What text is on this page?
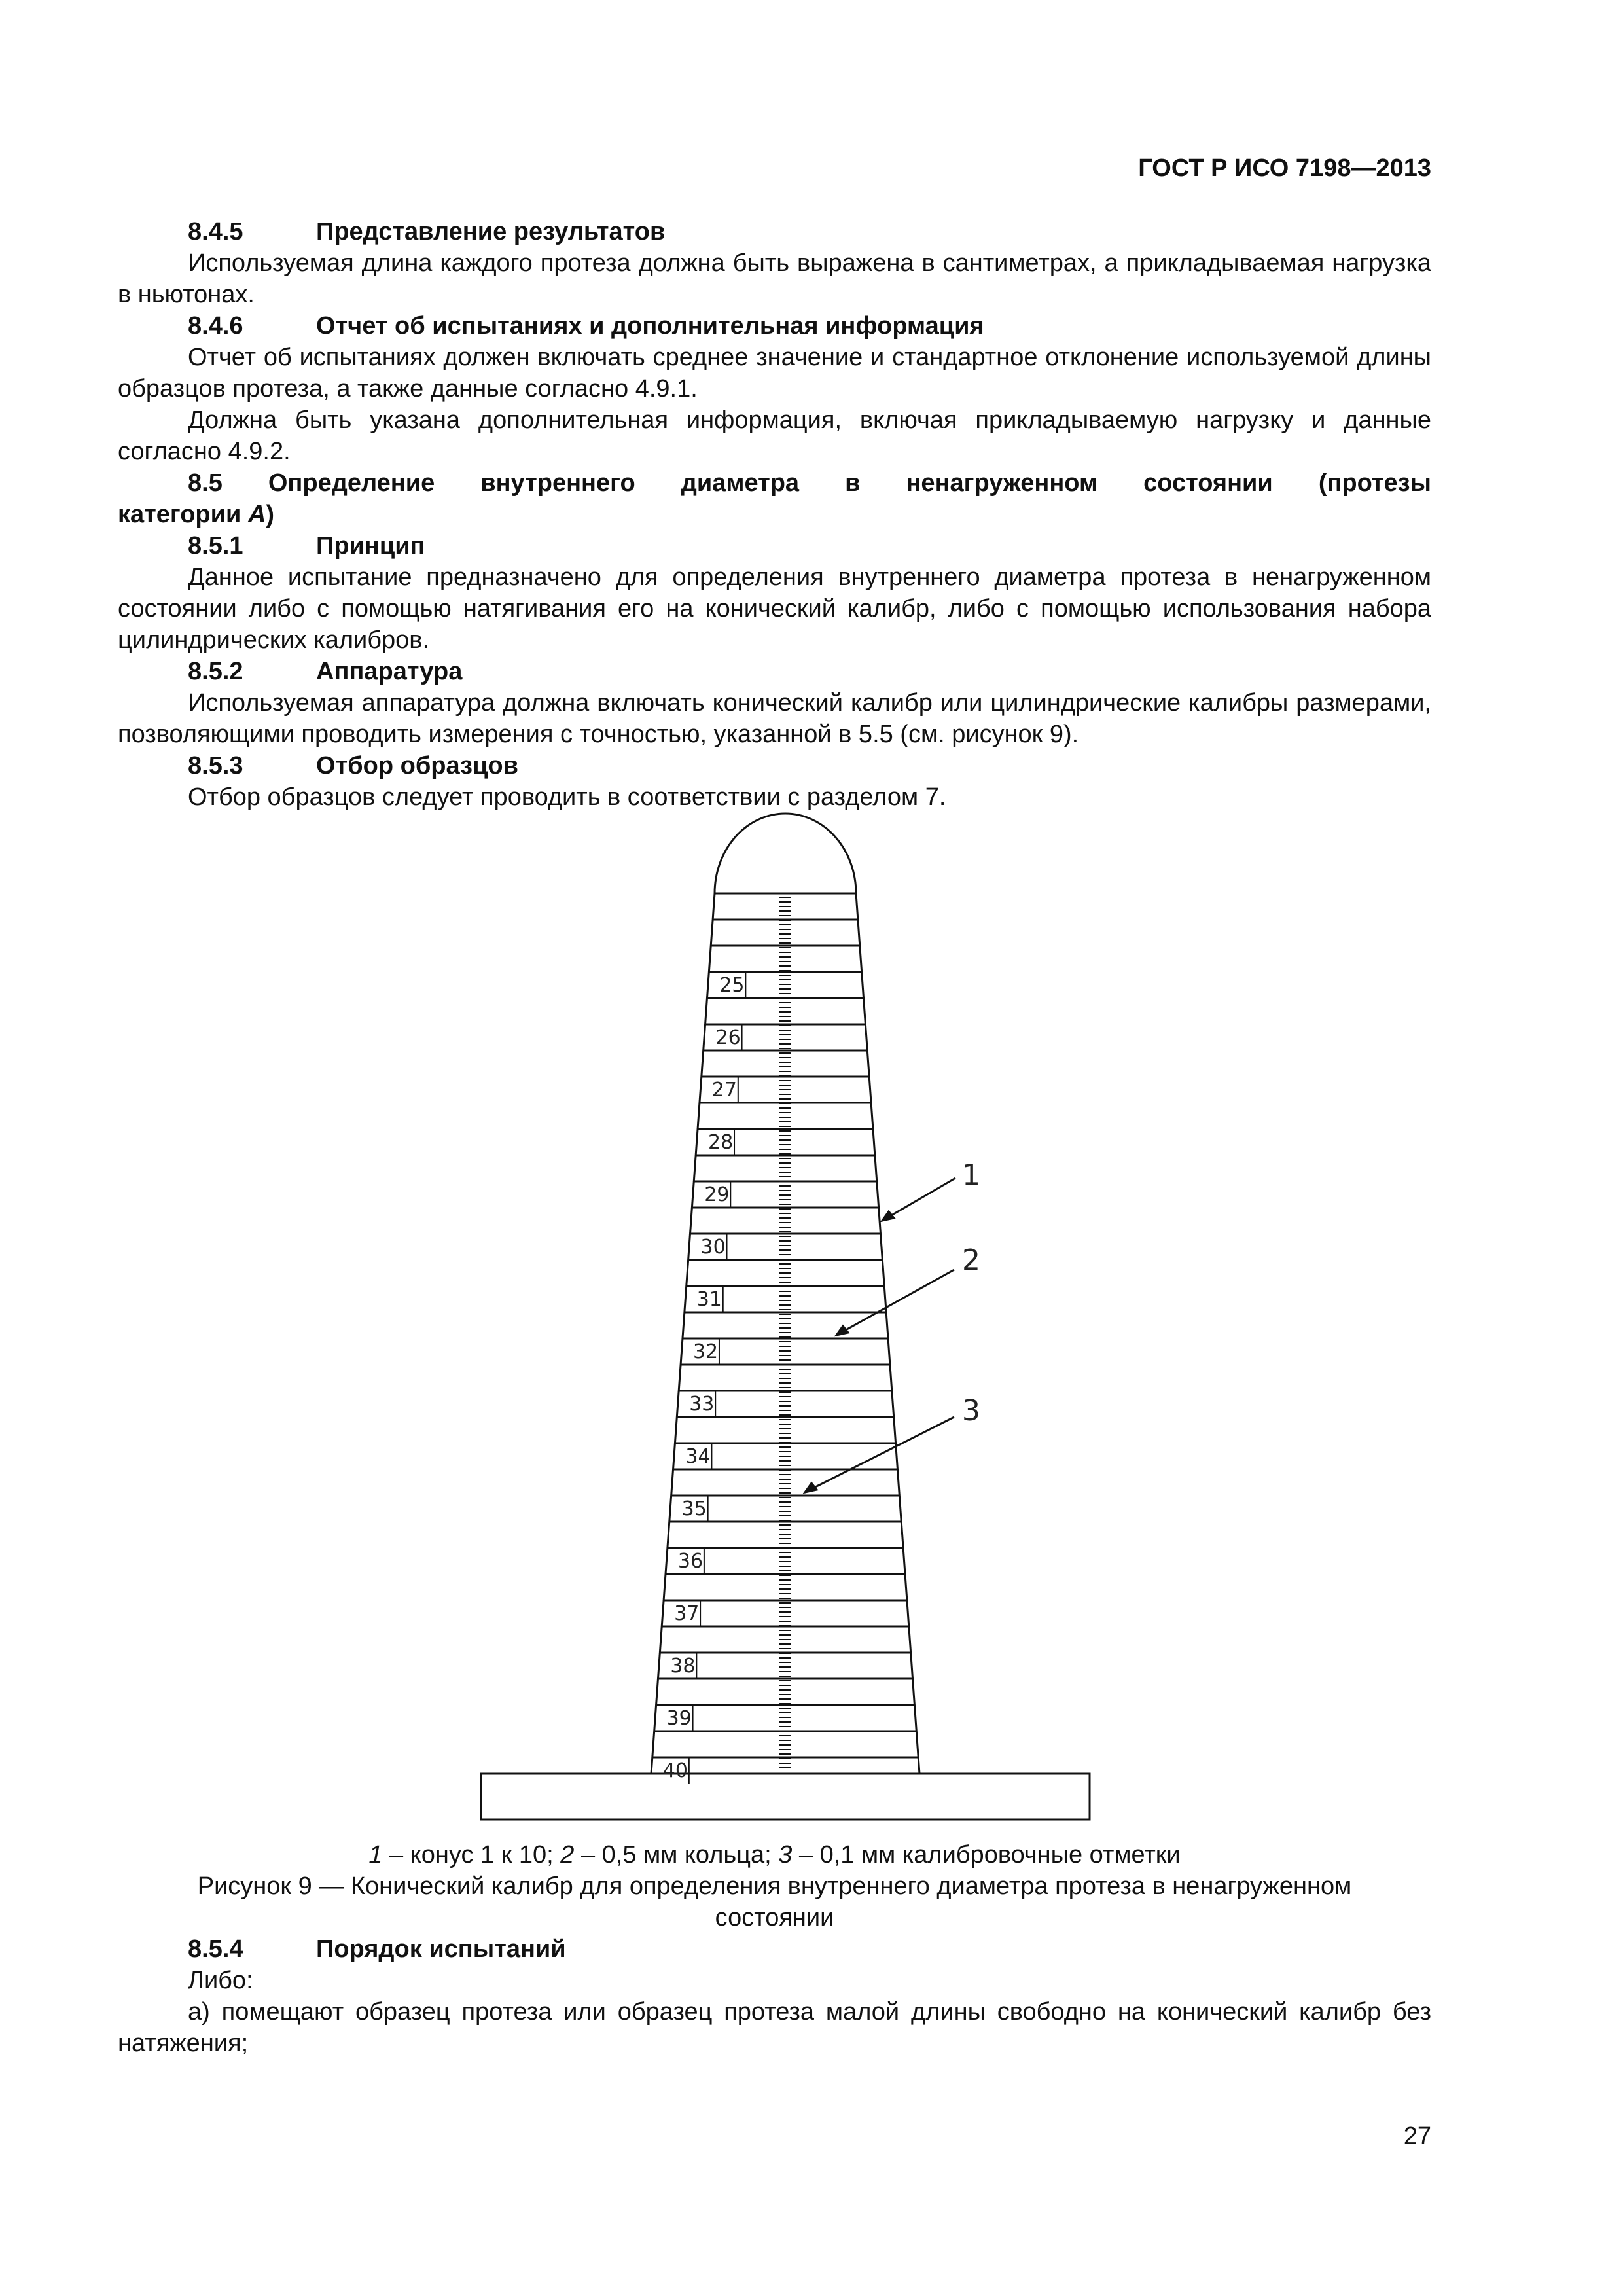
ГОСТ Р ИСО 7198—2013
8.4.5	Представление результатов

Используемая длина каждого протеза должна быть выражена в сантиметрах, а прикладываемая нагрузка в ньютонах.

8.4.6	Отчет об испытаниях и дополнительная информация

Отчет об испытаниях должен включать среднее значение и стандартное отклонение используемой длины образцов протеза, а также данные согласно 4.9.1.

Должна быть указана дополнительная информация, включая прикладываемую нагрузку и данные согласно 4.9.2.

8.5 Определение внутреннего диаметра в ненагруженном состоянии (протезы
категории А)
8.5.1	Принцип

Данное испытание предназначено для определения внутреннего диаметра протеза в ненагруженном состоянии либо с помощью натягивания его на конический калибр, либо с помощью использования набора цилиндрических калибров.

8.5.2	Аппаратура

Используемая аппаратура должна включать конический калибр или цилиндрические калибры размерами, позволяющими проводить измерения с точностью, указанной в 5.5 (см. рисунок 9).

8.5.3	Отбор образцов

Отбор образцов следует проводить в соответствии с разделом 7.

25
26
27
28
29
30
31
32
33
34
35
36
37
38
39
40
1
2
3
1 – конус 1 к 10; 2 – 0,5 мм кольца; 3 – 0,1 мм калибровочные отметки
Рисунок 9 — Конический калибр для определения внутреннего диаметра протеза в ненагруженном
состоянии
8.5.4	Порядок испытаний

Либо:

а) помещают образец протеза или образец протеза малой длины свободно на конический калибр без натяжения;

27
